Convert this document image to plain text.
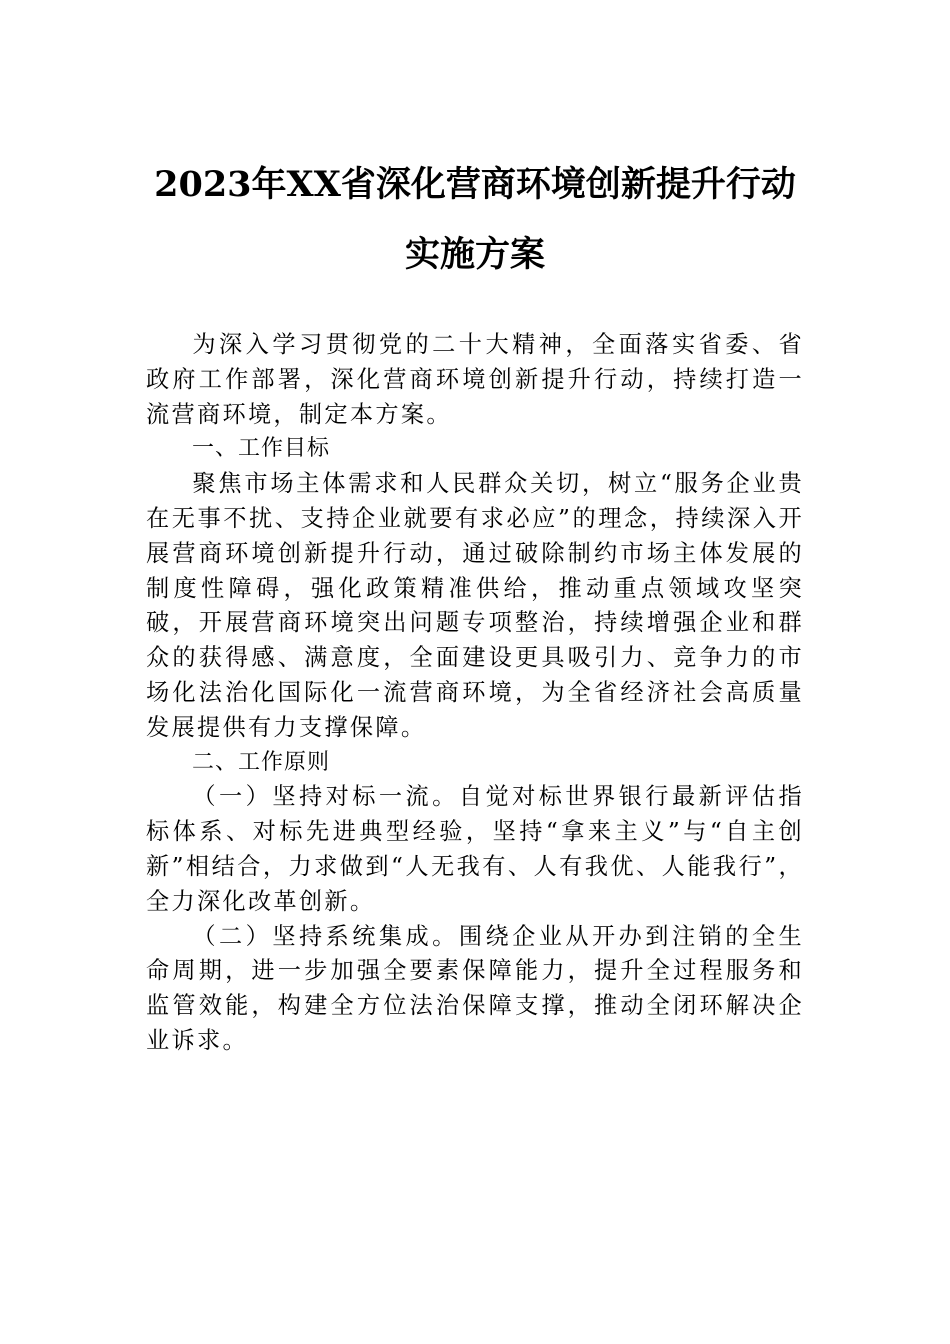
2023年XX省深化营商环境创新提升行动
实施方案

为深入学习贯彻党的二十大精神，全面落实省委、省政府工作部署，深化营商环境创新提升行动，持续打造一流营商环境，制定本方案。

一、工作目标

聚焦市场主体需求和人民群众关切，树立“服务企业贵在无事不扰、支持企业就要有求必应”的理念，持续深入开展营商环境创新提升行动，通过破除制约市场主体发展的制度性障碍，强化政策精准供给，推动重点领域攻坚突破，开展营商环境突出问题专项整治，持续增强企业和群众的获得感、满意度，全面建设更具吸引力、竞争力的市场化法治化国际化一流营商环境，为全省经济社会高质量发展提供有力支撑保障。

二、工作原则

（一）坚持对标一流。自觉对标世界银行最新评估指标体系、对标先进典型经验，坚持“拿来主义”与“自主创新”相结合，力求做到“人无我有、人有我优、人能我行”，全力深化改革创新。

（二）坚持系统集成。围绕企业从开办到注销的全生命周期，进一步加强全要素保障能力，提升全过程服务和监管效能，构建全方位法治保障支撑，推动全闭环解决企业诉求。
